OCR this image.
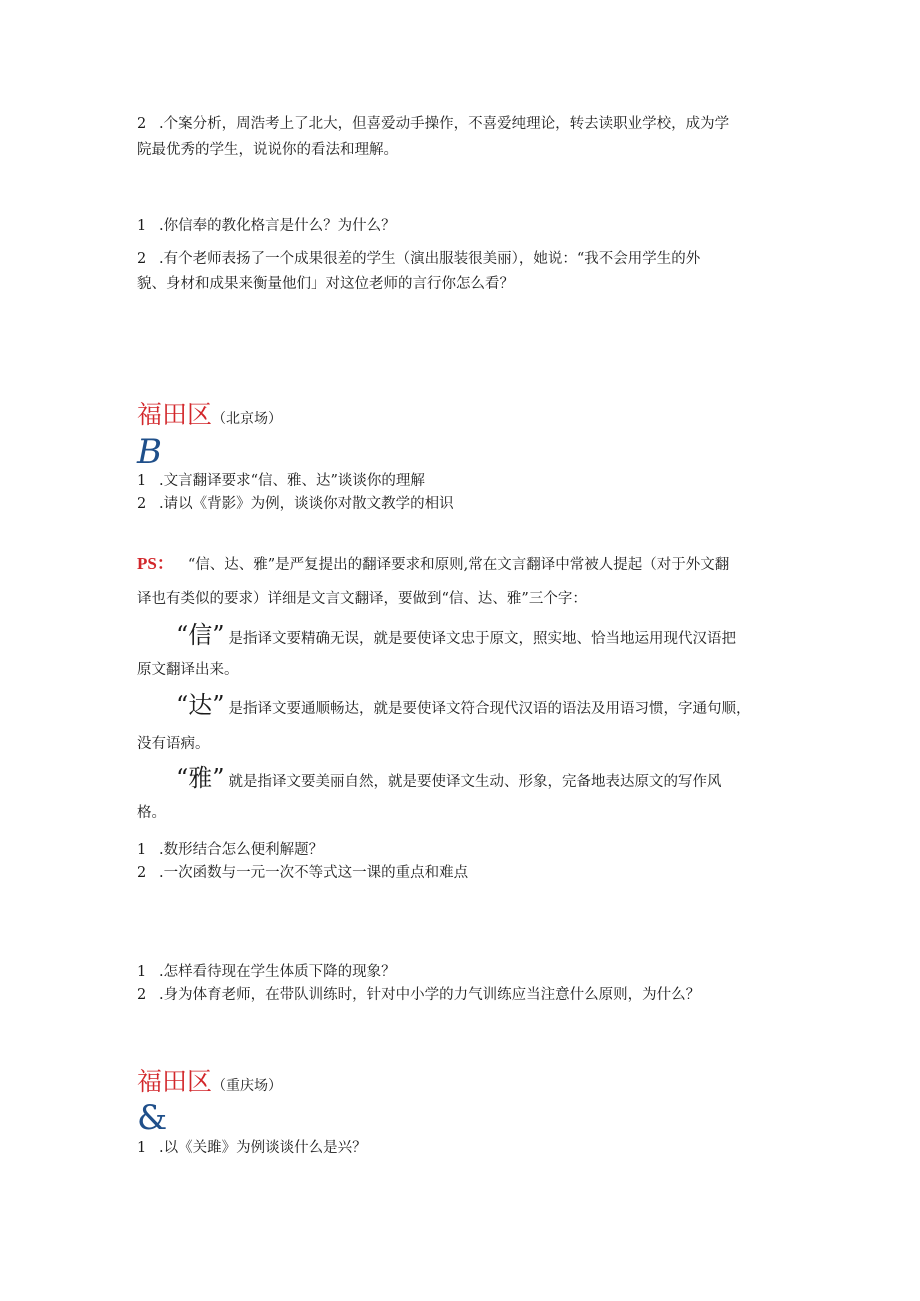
2 .个案分析，周浩考上了北大，但喜爱动手操作，不喜爱纯理论，转去读职业学校，成为学
院最优秀的学生，说说你的看法和理解。
1 .你信奉的教化格言是什么？为什么？
2 .有个老师表扬了一个成果很差的学生（演出服装很美丽），她说：“我不会用学生的外
貌、身材和成果来衡量他们」对这位老师的言行你怎么看？
福田区（北京场）
B
1 .文言翻译要求“信、雅、达”谈谈你的理解
2 .请以《背影》为例，谈谈你对散文教学的相识
PS： “信、达、雅”是严复提出的翻译要求和原则,常在文言翻译中常被人提起（对于外文翻
译也有类似的要求）详细是文言文翻译，要做到“信、达、雅”三个字：
“信” 是指译文要精确无误，就是要使译文忠于原文，照实地、恰当地运用现代汉语把
原文翻译出来。
“达” 是指译文要通顺畅达，就是要使译文符合现代汉语的语法及用语习惯，字通句顺，
没有语病。
“雅” 就是指译文要美丽自然，就是要使译文生动、形象，完备地表达原文的写作风
格。
1 .数形结合怎么便利解题？
2 .一次函数与一元一次不等式这一课的重点和难点
1 .怎样看待现在学生体质下降的现象？
2 .身为体育老师，在带队训练时，针对中小学的力气训练应当注意什么原则，为什么？
福田区（重庆场）
&
1 .以《关雎》为例谈谈什么是兴？
